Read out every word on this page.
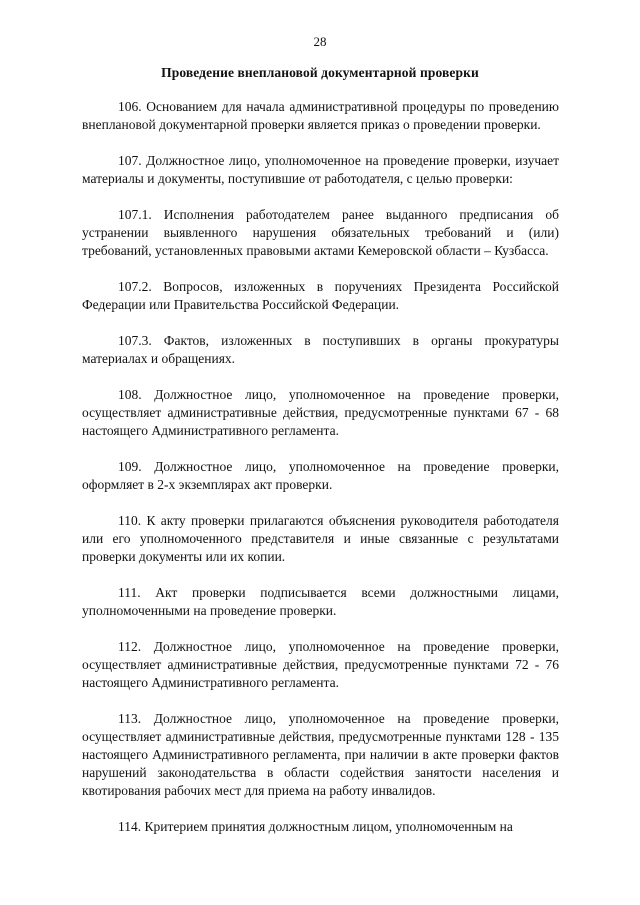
28
Проведение внеплановой документарной проверки

106. Основанием для начала административной процедуры по проведению внеплановой документарной проверки является приказ о проведении проверки.

107. Должностное лицо, уполномоченное на проведение проверки, изучает материалы и документы, поступившие от работодателя, с целью проверки:

107.1. Исполнения работодателем ранее выданного предписания об устранении выявленного нарушения обязательных требований и (или) требований, установленных правовыми актами Кемеровской области – Кузбасса.

107.2. Вопросов, изложенных в поручениях Президента Российской Федерации или Правительства Российской Федерации.

107.3. Фактов, изложенных в поступивших в органы прокуратуры материалах и обращениях.

108. Должностное лицо, уполномоченное на проведение проверки, осуществляет административные действия, предусмотренные пунктами 67 - 68 настоящего Административного регламента.

109. Должностное лицо, уполномоченное на проведение проверки, оформляет в 2-х экземплярах акт проверки.

110. К акту проверки прилагаются объяснения руководителя работодателя или его уполномоченного представителя и иные связанные с результатами проверки документы или их копии.

111. Акт проверки подписывается всеми должностными лицами, уполномоченными на проведение проверки.

112. Должностное лицо, уполномоченное на проведение проверки, осуществляет административные действия, предусмотренные пунктами 72 - 76 настоящего Административного регламента.

113. Должностное лицо, уполномоченное на проведение проверки, осуществляет административные действия, предусмотренные пунктами 128 - 135 настоящего Административного регламента, при наличии в акте проверки фактов нарушений законодательства в области содействия занятости населения и квотирования рабочих мест для приема на работу инвалидов.

114. Критерием принятия должностным лицом, уполномоченным на
